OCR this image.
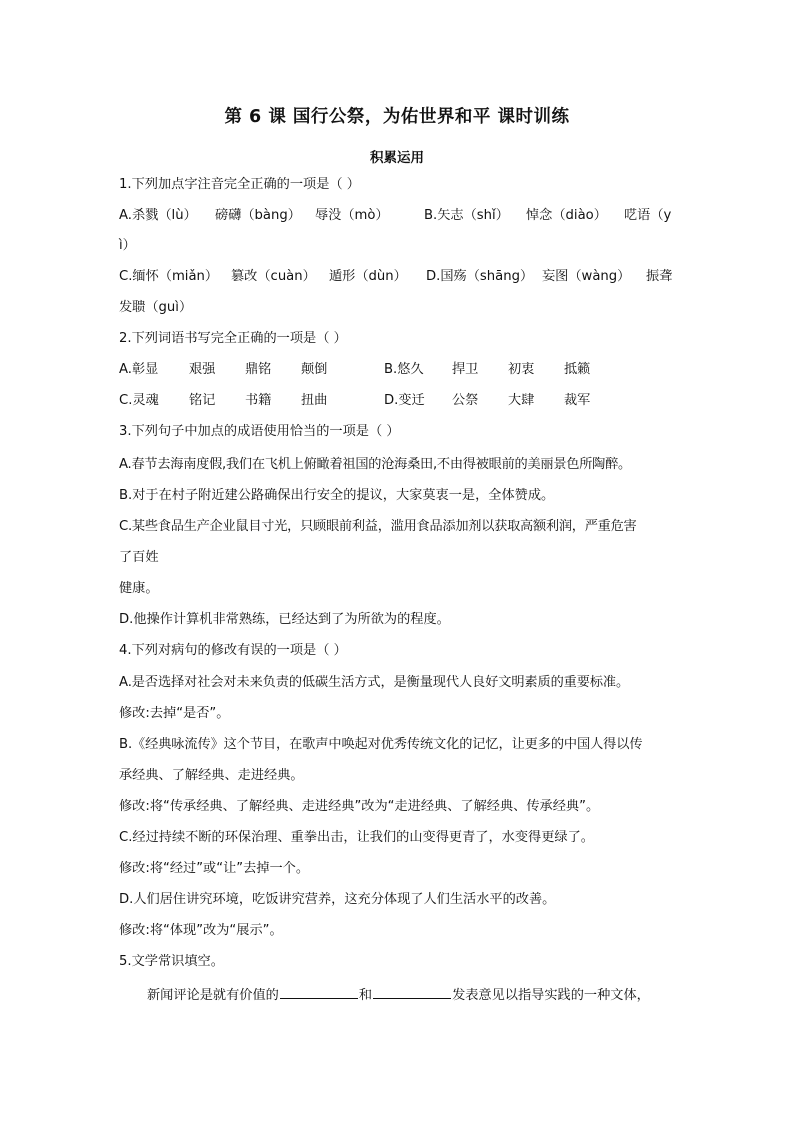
第 6 课 国行公祭，为佑世界和平 课时训练
积累运用
1.下列加点字注音完全正确的一项是（ ）
A.杀戮（lù） 磅礴（bàng） 辱没（mò）	B.矢志（shǐ） 悼念（diào） 呓语（y
ì）
C.缅怀（miǎn） 篡改（cuàn） 遁形（dùn） D.国殇（shāng） 妄图（wàng） 振聋
发聩（guì）
2.下列词语书写完全正确的一项是（ ）
A.彰显 艰强 鼎铭 颠倒	B.悠久 捍卫 初衷 抵籁
C.灵魂 铭记 书籍 扭曲	D.变迁 公祭 大肆 裁军
3.下列句子中加点的成语使用恰当的一项是（ ）
A.春节去海南度假,我们在飞机上俯瞰着祖国的沧海桑田,不由得被眼前的美丽景色所陶醉。
B.对于在村子附近建公路确保出行安全的提议，大家莫衷一是，全体赞成。
C.某些食品生产企业鼠目寸光，只顾眼前利益，滥用食品添加剂以获取高额利润，严重危害
了百姓
健康。
D.他操作计算机非常熟练，已经达到了为所欲为的程度。
4.下列对病句的修改有误的一项是（ ）
A.是否选择对社会对未来负责的低碳生活方式，是衡量现代人良好文明素质的重要标准。
修改:去掉“是否”。
B.《经典咏流传》这个节目，在歌声中唤起对优秀传统文化的记忆，让更多的中国人得以传
承经典、了解经典、走进经典。
修改:将“传承经典、了解经典、走进经典”改为“走进经典、了解经典、传承经典”。
C.经过持续不断的环保治理、重拳出击，让我们的山变得更青了，水变得更绿了。
修改:将“经过”或“让”去掉一个。
D.人们居住讲究环境，吃饭讲究营养，这充分体现了人们生活水平的改善。
修改:将“体现”改为“展示”。
5.文学常识填空。
新闻评论是就有价值的	和	发表意见以指导实践的一种文体，
